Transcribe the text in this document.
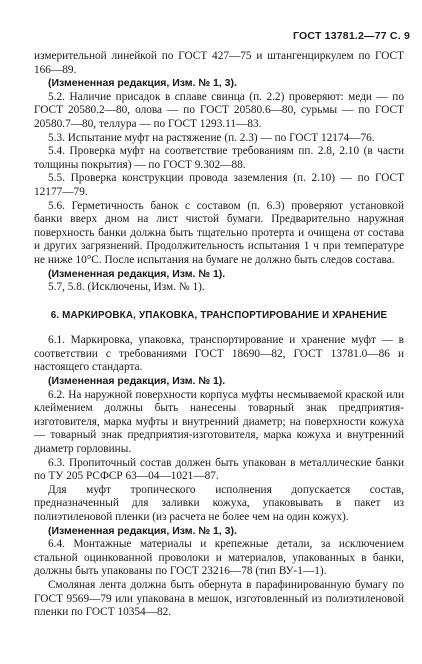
ГОСТ 13781.2—77 С. 9

измерительной линейкой по ГОСТ 427—75 и штангенциркулем по ГОСТ 166—89.

(Измененная редакция, Изм. № 1, 3).

5.2. Наличие присадок в сплаве свинца (п. 2.2) проверяют: меди — по ГОСТ 20580.2—80, олова — по ГОСТ 20580.6—80, сурьмы — по ГОСТ 20580.7—80, теллура — по ГОСТ 1293.11—83.

5.3. Испытание муфт на растяжение (п. 2.3) — по ГОСТ 12174—76.

5.4. Проверка муфт на соответствие требованиям пп. 2.8, 2.10 (в части толщины покрытия) — по ГОСТ 9.302—88.

5.5. Проверка конструкции провода заземления (п. 2.10) — по ГОСТ 12177—79.

5.6. Герметичность банок с составом (п. 6.3) проверяют установкой банки вверх дном на лист чистой бумаги. Предварительно наружная поверхность банки должна быть тщательно протерта и очищена от состава и других загрязнений. Продолжительность испытания 1 ч при температуре не ниже 10°С. После испытания на бумаге не должно быть следов состава.

(Измененная редакция, Изм. № 1).

5.7, 5.8. (Исключены, Изм. № 1).

6. МАРКИРОВКА, УПАКОВКА, ТРАНСПОРТИРОВАНИЕ И ХРАНЕНИЕ

6.1. Маркировка, упаковка, транспортирование и хранение муфт — в соответствии с требованиями ГОСТ 18690—82, ГОСТ 13781.0—86 и настоящего стандарта.

(Измененная редакция, Изм. № 1).

6.2. На наружной поверхности корпуса муфты несмываемой краской или клеймением должны быть нанесены товарный знак предприятия-изготовителя, марка муфты и внутренний диаметр; на поверхности кожуха — товарный знак предприятия-изготовителя, марка кожуха и внутренний диаметр горловины.

6.3. Пропиточный состав должен быть упакован в металлические банки по ТУ 205 РСФСР 63—04—1021—87.

Для муфт тропического исполнения допускается состав, предназначенный для заливки кожуха, упаковывать в пакет из полиэтиленовой пленки (из расчета не более чем на один кожух).

(Измененная редакция, Изм. № 1, 3).

6.4. Монтажные материалы и крепежные детали, за исключением стальной оцинкованной проволоки и материалов, упакованных в банки, должны быть упакованы по ГОСТ 23216—78 (тип ВУ-1—1).

Смоляная лента должна быть обернута в парафинированную бумагу по ГОСТ 9569—79 или упакована в мешок, изготовленный из полиэтиленовой пленки по ГОСТ 10354—82.
